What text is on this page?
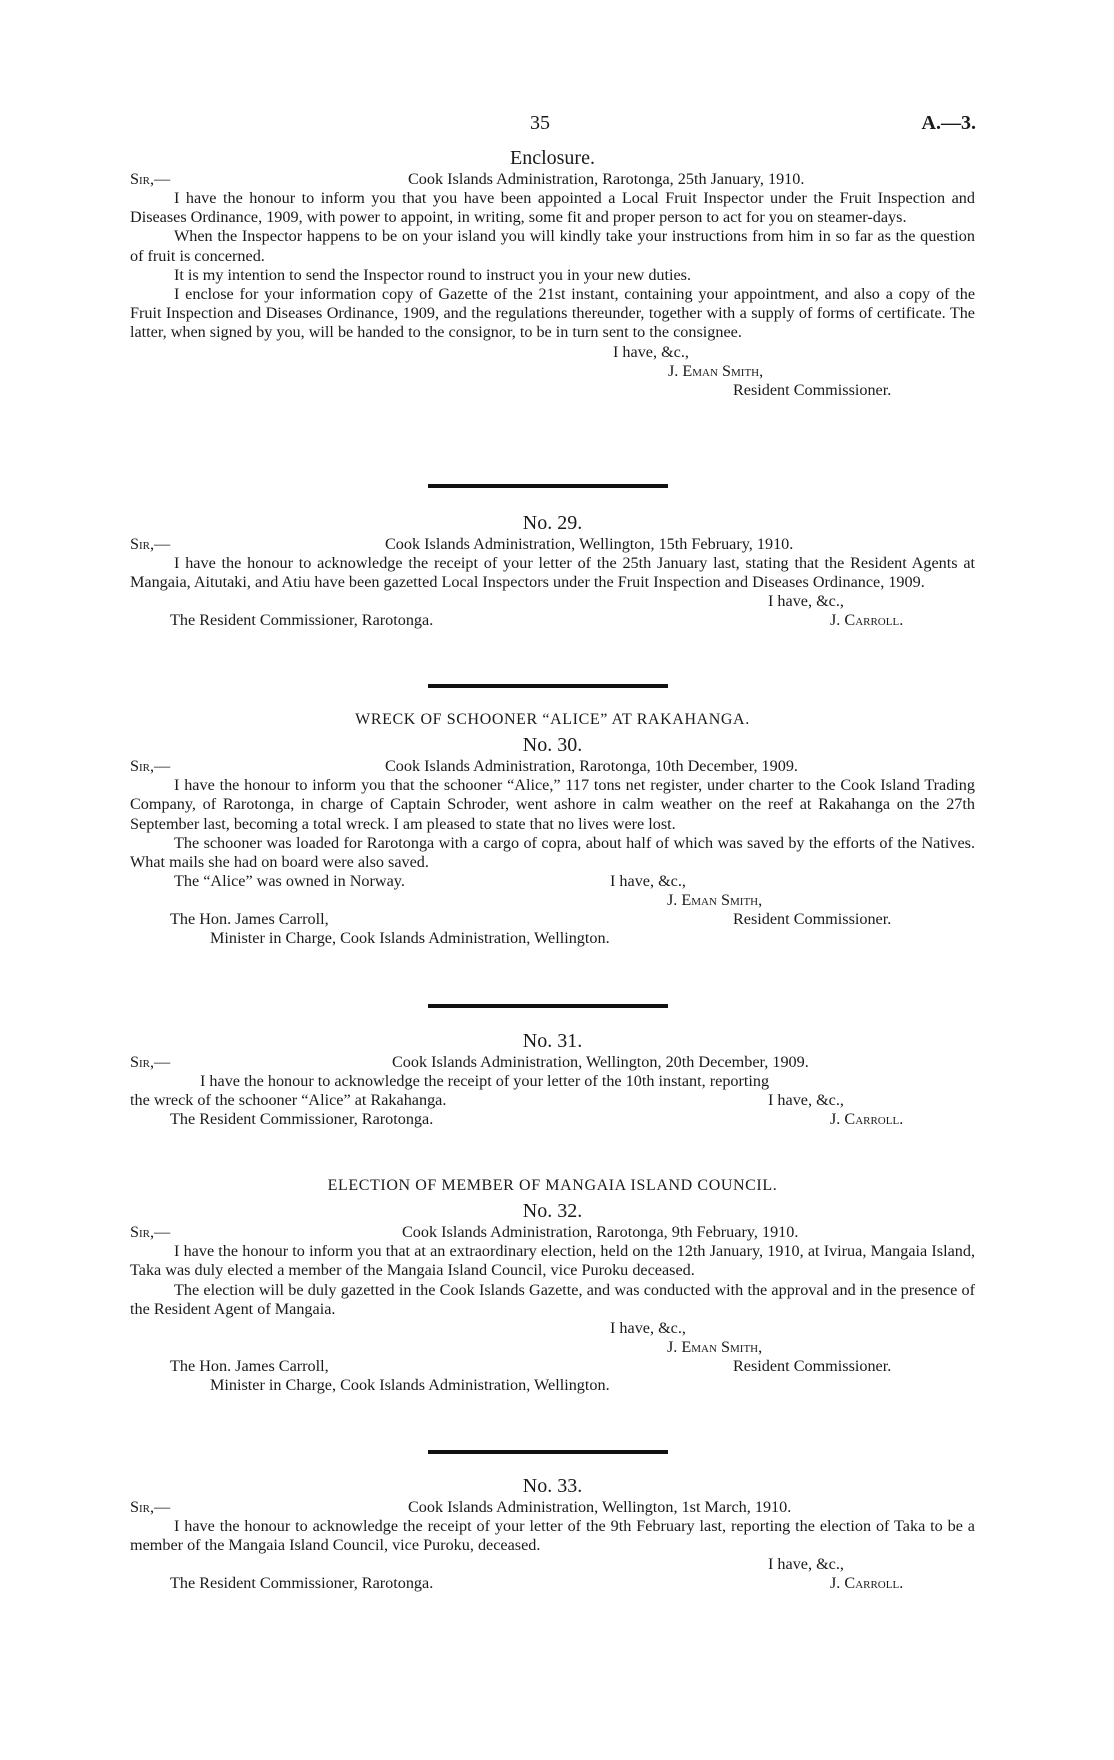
35	A.—3.
Enclosure.
Sir,—	Cook Islands Administration, Rarotonga, 25th January, 1910.

I have the honour to inform you that you have been appointed a Local Fruit Inspector under the Fruit Inspection and Diseases Ordinance, 1909, with power to appoint, in writing, some fit and proper person to act for you on steamer-days.

When the Inspector happens to be on your island you will kindly take your instructions from him in so far as the question of fruit is concerned.

It is my intention to send the Inspector round to instruct you in your new duties.

I enclose for your information copy of Gazette of the 21st instant, containing your appointment, and also a copy of the Fruit Inspection and Diseases Ordinance, 1909, and the regulations thereunder, together with a supply of forms of certificate. The latter, when signed by you, will be handed to the consignor, to be in turn sent to the consignee.

I have, &c.,
J. Eman Smith,
Resident Commissioner.
No. 29.
Sir,—	Cook Islands Administration, Wellington, 15th February, 1910.

I have the honour to acknowledge the receipt of your letter of the 25th January last, stating that the Resident Agents at Mangaia, Aitutaki, and Atiu have been gazetted Local Inspectors under the Fruit Inspection and Diseases Ordinance, 1909.

I have, &c.,
The Resident Commissioner, Rarotonga.	J. Carroll.
WRECK OF SCHOONER “ALICE” AT RAKAHANGA.
No. 30.
Sir,—	Cook Islands Administration, Rarotonga, 10th December, 1909.

I have the honour to inform you that the schooner “Alice,” 117 tons net register, under charter to the Cook Island Trading Company, of Rarotonga, in charge of Captain Schroder, went ashore in calm weather on the reef at Rakahanga on the 27th September last, becoming a total wreck. I am pleased to state that no lives were lost.

The schooner was loaded for Rarotonga with a cargo of copra, about half of which was saved by the efforts of the Natives. What mails she had on board were also saved.

The “Alice” was owned in Norway.	I have, &c.,
J. Eman Smith,
The Hon. James Carroll,	Resident Commissioner.
Minister in Charge, Cook Islands Administration, Wellington.
No. 31.
Sir,—	Cook Islands Administration, Wellington, 20th December, 1909.
I have the honour to acknowledge the receipt of your letter of the 10th instant, reporting
the wreck of the schooner “Alice” at Rakahanga.	I have, &c.,
The Resident Commissioner, Rarotonga.	J. Carroll.
ELECTION OF MEMBER OF MANGAIA ISLAND COUNCIL.
No. 32.
Sir,—	Cook Islands Administration, Rarotonga, 9th February, 1910.

I have the honour to inform you that at an extraordinary election, held on the 12th January, 1910, at Ivirua, Mangaia Island, Taka was duly elected a member of the Mangaia Island Council, vice Puroku deceased.

The election will be duly gazetted in the Cook Islands Gazette, and was conducted with the approval and in the presence of the Resident Agent of Mangaia.

I have, &c.,
J. Eman Smith,
The Hon. James Carroll,	Resident Commissioner.
Minister in Charge, Cook Islands Administration, Wellington.
No. 33.
Sir,—	Cook Islands Administration, Wellington, 1st March, 1910.

I have the honour to acknowledge the receipt of your letter of the 9th February last, reporting the election of Taka to be a member of the Mangaia Island Council, vice Puroku, deceased.

I have, &c.,
The Resident Commissioner, Rarotonga.	J. Carroll.
